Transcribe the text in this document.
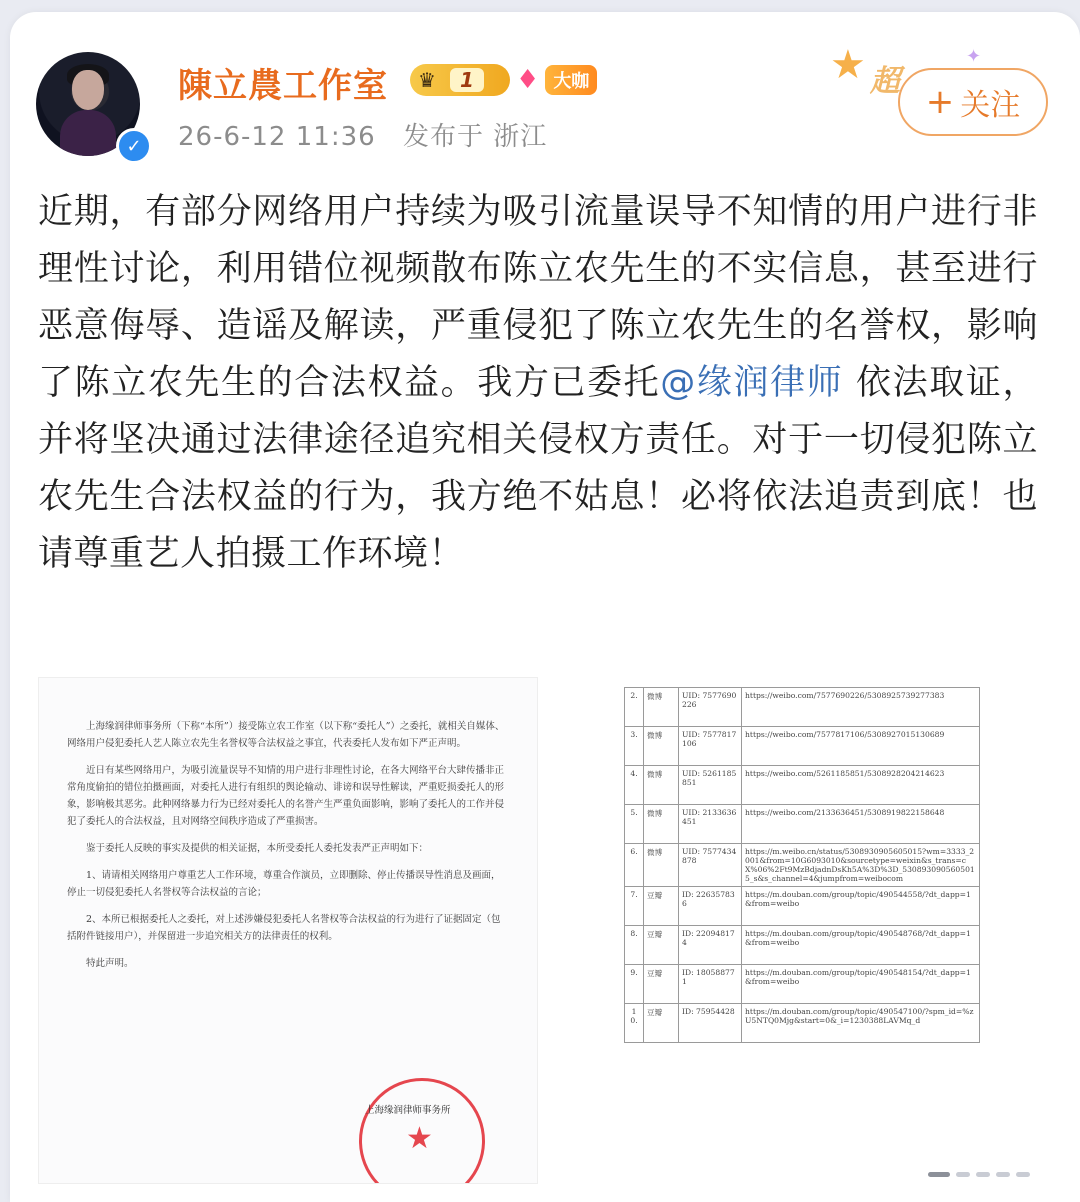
✓
陳立農工作室 ♛	1	♦ 大咖
26-6-12 11:36 发布于 浙江
★ 超
✦
+ 关注
近期，有部分网络用户持续为吸引流量误导不知情的用户进行非理性讨论，利用错位视频散布陈立农先生的不实信息，甚至进行恶意侮辱、造谣及解读，严重侵犯了陈立农先生的名誉权，影响了陈立农先生的合法权益。我方已委托@缘润律师 依法取证，并将坚决通过法律途径追究相关侵权方责任。对于一切侵犯陈立农先生合法权益的行为，我方绝不姑息！必将依法追责到底！也请尊重艺人拍摄工作环境！

上海缘润律师事务所（下称“本所”）接受陈立农工作室（以下称“委托人”）之委托，就相关自媒体、网络用户侵犯委托人艺人陈立农先生名誉权等合法权益之事宜，代表委托人发布如下严正声明。

近日有某些网络用户，为吸引流量误导不知情的用户进行非理性讨论，在各大网络平台大肆传播非正常角度偷拍的错位拍摄画面，对委托人进行有组织的舆论输动、诽谤和误导性解读，严重贬损委托人的形象，影响极其恶劣。此种网络暴力行为已经对委托人的名誉产生严重负面影响，影响了委托人的工作并侵犯了委托人的合法权益，且对网络空间秩序造成了严重损害。

鉴于委托人反映的事实及提供的相关证据，本所受委托人委托发表严正声明如下：

1、请请相关网络用户尊重艺人工作环境，尊重合作演员，立即删除、停止传播误导性消息及画面，停止一切侵犯委托人名誉权等合法权益的言论；

2、本所已根据委托人之委托，对上述涉嫌侵犯委托人名誉权等合法权益的行为进行了证据固定（包括附件链接用户），并保留进一步追究相关方的法律责任的权利。

特此声明。

★
上海缘润律师事务所
2.	微博	UID: 7577690226	https://weibo.com/7577690226/5308925739277383
3.	微博	UID: 7577817106	https://weibo.com/7577817106/5308927015130689
4.	微博	UID: 5261185851	https://weibo.com/5261185851/5308928204214623
5.	微博	UID: 2133636451	https://weibo.com/2133636451/5308919822158648
6.	微博	UID: 7577434878	https://m.weibo.cn/status/5308930905605015?wm=3333_2001&from=10G6093010&sourcetype=weixin&s_trans=cX%06%2Ft9MzBdjadnDsKh5A%3D%3D_5308930905605015_s&s_channel=4&jumpfrom=weibocom
7.	豆瓣	ID: 226357836	https://m.douban.com/group/topic/490544558/?dt_dapp=1&from=weibo
8.	豆瓣	ID: 220948174	https://m.douban.com/group/topic/490548768/?dt_dapp=1&from=weibo
9.	豆瓣	ID: 180588771	https://m.douban.com/group/topic/490548154/?dt_dapp=1&from=weibo
10.	豆瓣	ID: 75954428	https://m.douban.com/group/topic/490547100/?spm_id=%zU5NTQ0Mjg&start=0&_i=1230388LAVMq_d
